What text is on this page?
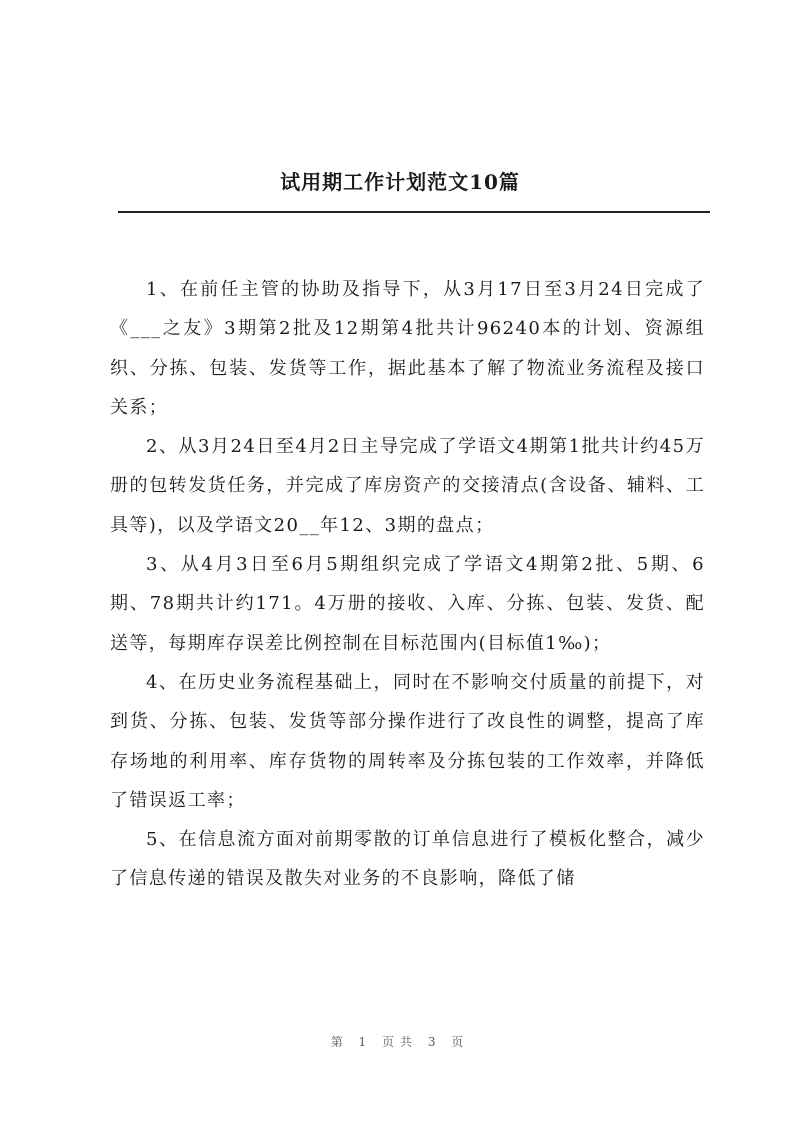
试用期工作计划范文10篇

1、在前任主管的协助及指导下，从3月17日至3月24日完成了《___之友》3期第2批及12期第4批共计96240本的计划、资源组织、分拣、包装、发货等工作，据此基本了解了物流业务流程及接口关系；

2、从3月24日至4月2日主导完成了学语文4期第1批共计约45万册的包转发货任务，并完成了库房资产的交接清点(含设备、辅料、工具等)，以及学语文20__年12、3期的盘点；

3、从4月3日至6月5期组织完成了学语文4期第2批、5期、6期、78期共计约171。4万册的接收、入库、分拣、包装、发货、配送等，每期库存误差比例控制在目标范围内(目标值1‰)；

4、在历史业务流程基础上，同时在不影响交付质量的前提下，对到货、分拣、包装、发货等部分操作进行了改良性的调整，提高了库存场地的利用率、库存货物的周转率及分拣包装的工作效率，并降低了错误返工率；

5、在信息流方面对前期零散的订单信息进行了模板化整合，减少了信息传递的错误及散失对业务的不良影响，降低了储

第 1 页共 3 页
